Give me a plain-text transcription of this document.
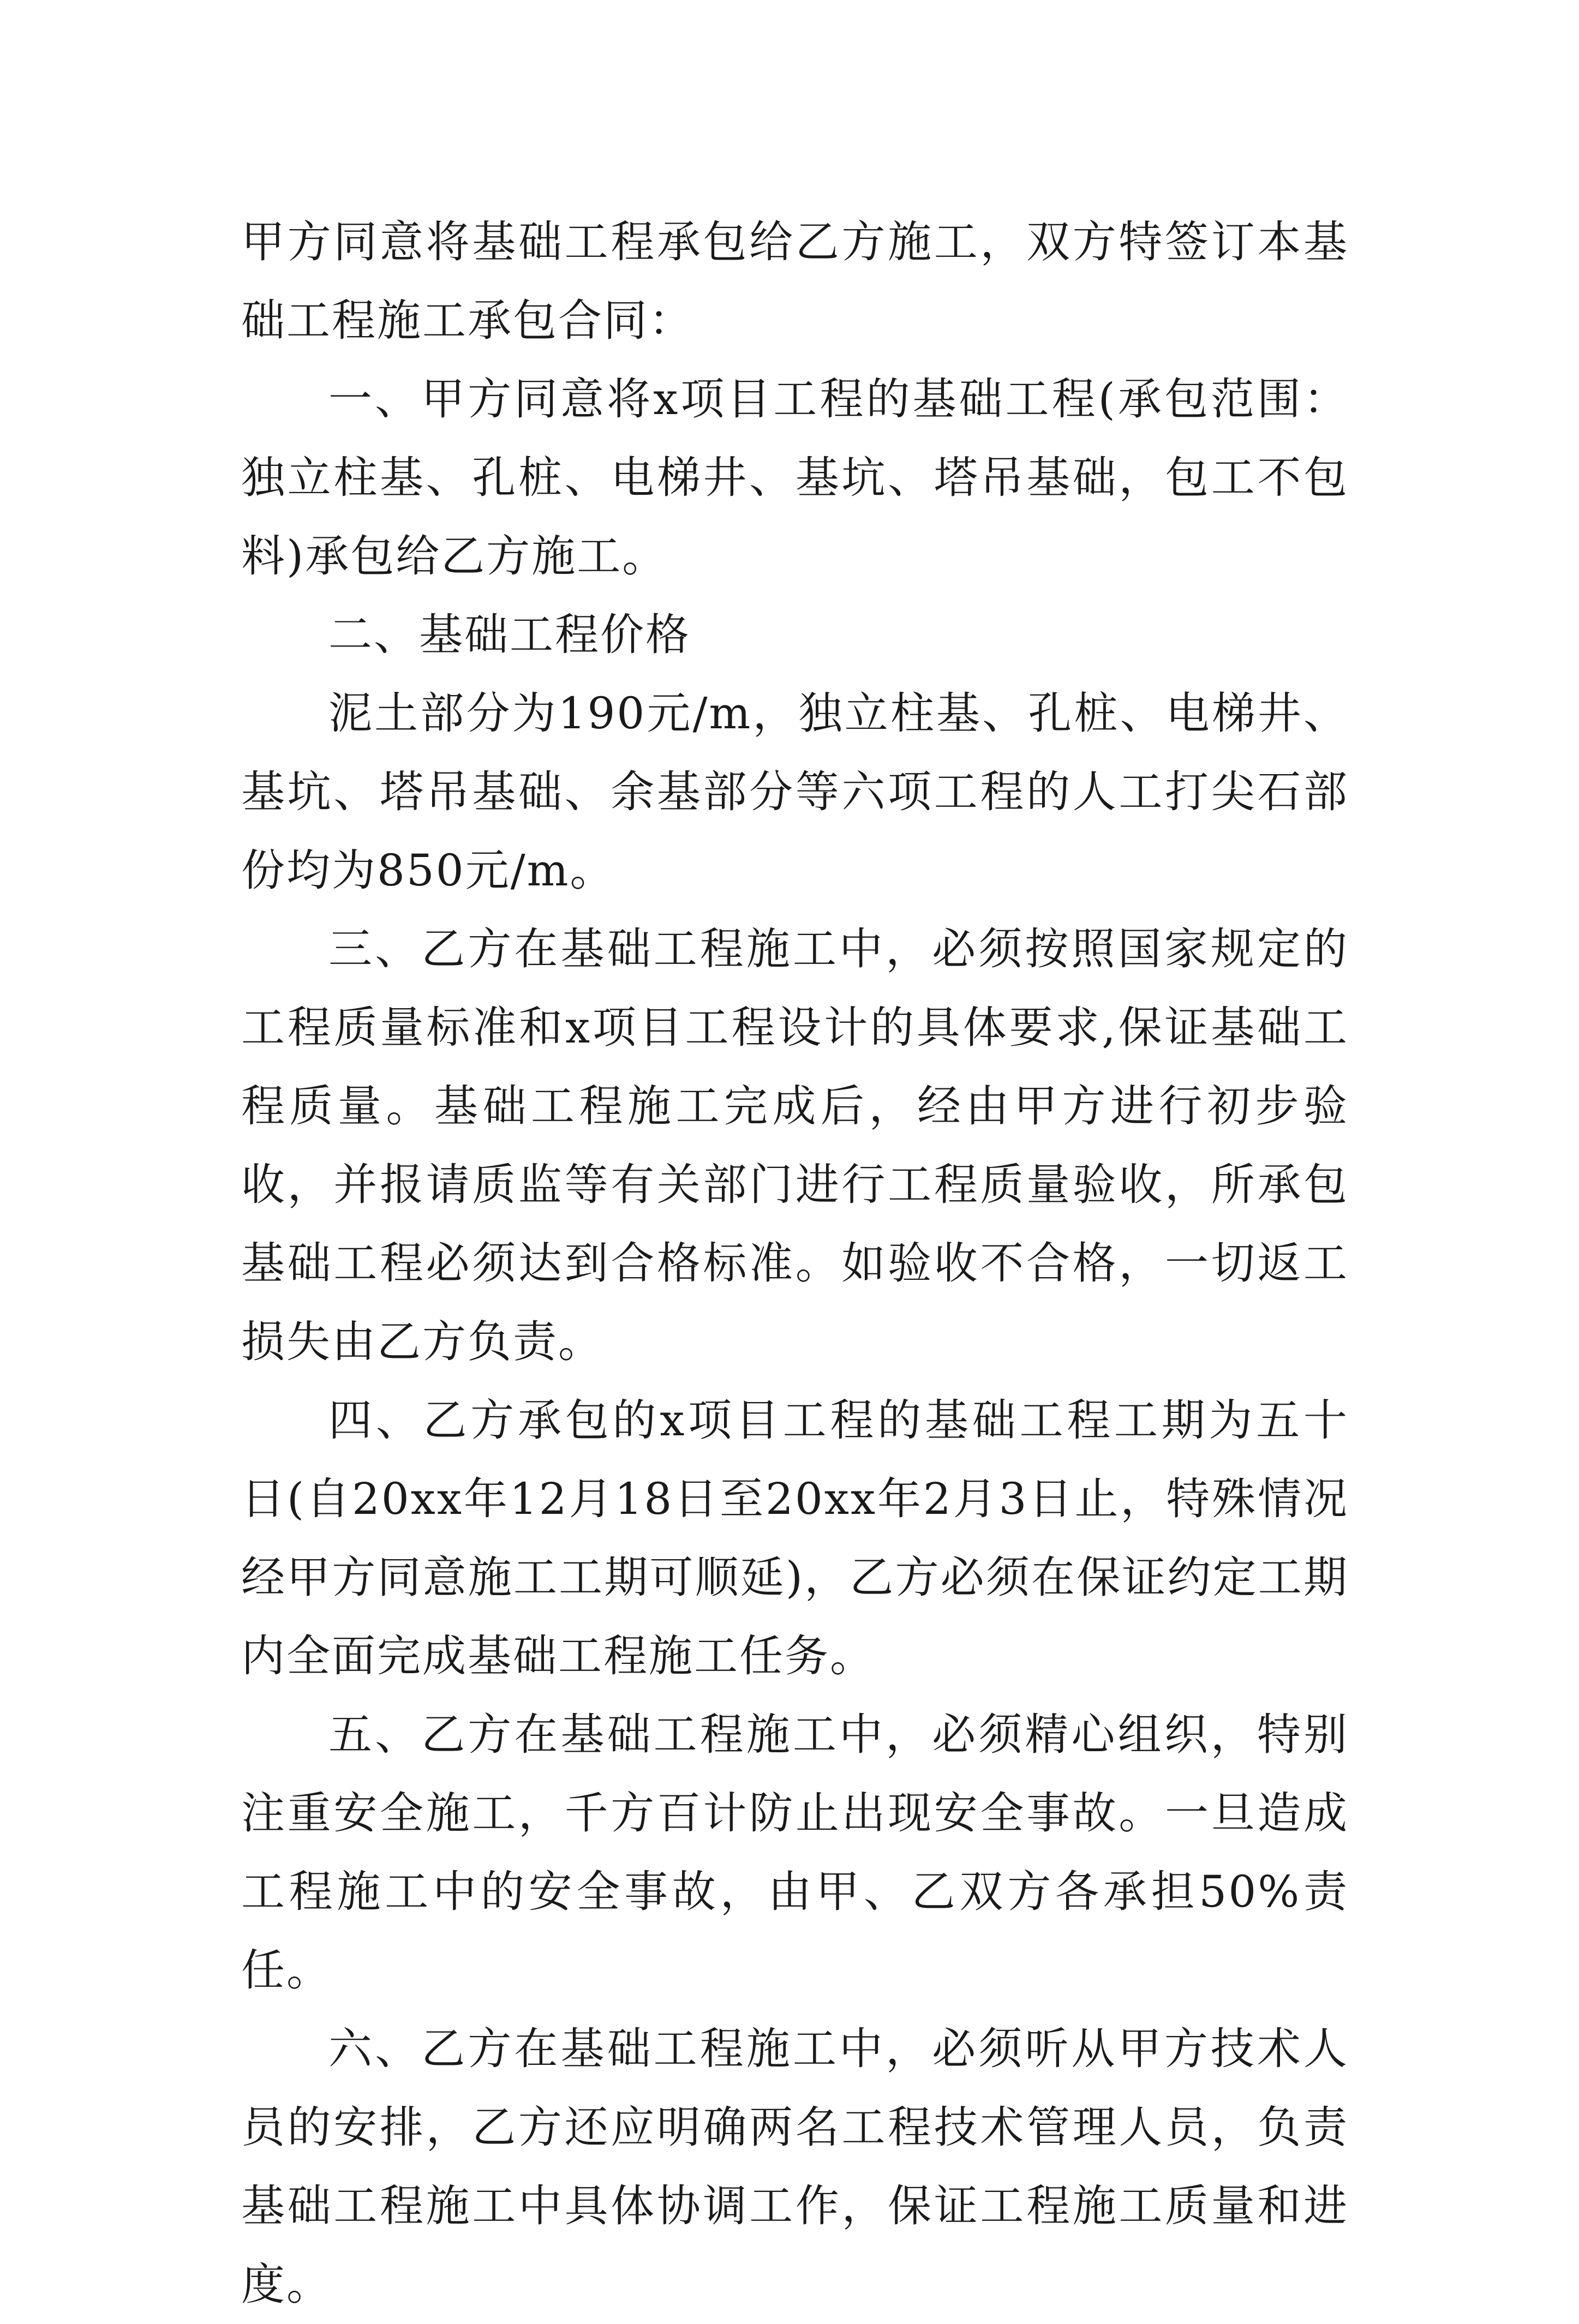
甲方同意将基础工程承包给乙方施工，双方特签订本基础工程施工承包合同：

一、甲方同意将x项目工程的基础工程(承包范围：独立柱基、孔桩、电梯井、基坑、塔吊基础，包工不包料)承包给乙方施工。

二、基础工程价格

泥土部分为190元/m，独立柱基、孔桩、电梯井、基坑、塔吊基础、余基部分等六项工程的人工打尖石部份均为850元/m。

三、乙方在基础工程施工中，必须按照国家规定的工程质量标准和x项目工程设计的具体要求,保证基础工程质量。基础工程施工完成后，经由甲方进行初步验收，并报请质监等有关部门进行工程质量验收，所承包基础工程必须达到合格标准。如验收不合格，一切返工损失由乙方负责。

四、乙方承包的x项目工程的基础工程工期为五十日(自20xx年12月18日至20xx年2月3日止，特殊情况经甲方同意施工工期可顺延)，乙方必须在保证约定工期内全面完成基础工程施工任务。

五、乙方在基础工程施工中，必须精心组织，特别注重安全施工，千方百计防止出现安全事故。一旦造成工程施工中的安全事故，由甲、乙双方各承担50%责任。

六、乙方在基础工程施工中，必须听从甲方技术人员的安排，乙方还应明确两名工程技术管理人员，负责基础工程施工中具体协调工作，保证工程施工质量和进度。
